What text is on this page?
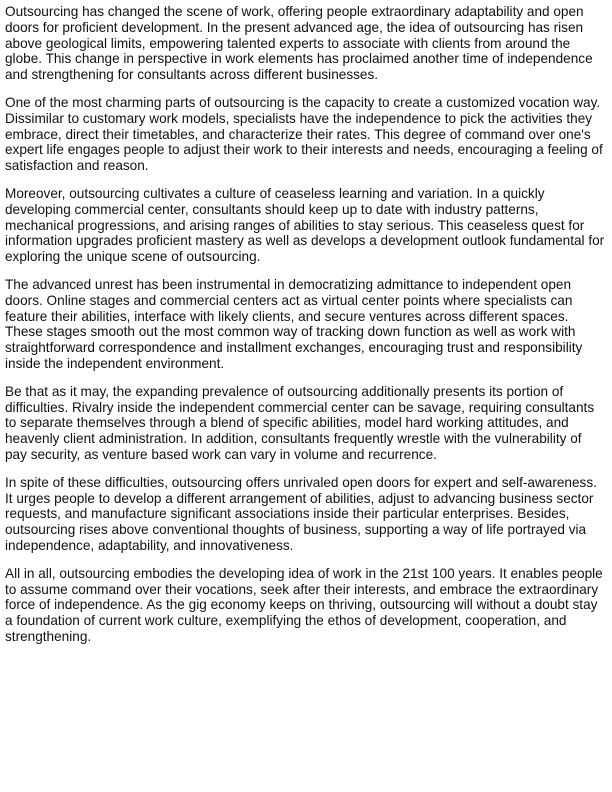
Outsourcing has changed the scene of work, offering people extraordinary adaptability and open doors for proficient development. In the present advanced age, the idea of outsourcing has risen above geological limits, empowering talented experts to associate with clients from around the globe. This change in perspective in work elements has proclaimed another time of independence and strengthening for consultants across different businesses.

One of the most charming parts of outsourcing is the capacity to create a customized vocation way. Dissimilar to customary work models, specialists have the independence to pick the activities they embrace, direct their timetables, and characterize their rates. This degree of command over one's expert life engages people to adjust their work to their interests and needs, encouraging a feeling of satisfaction and reason.

Moreover, outsourcing cultivates a culture of ceaseless learning and variation. In a quickly developing commercial center, consultants should keep up to date with industry patterns, mechanical progressions, and arising ranges of abilities to stay serious. This ceaseless quest for information upgrades proficient mastery as well as develops a development outlook fundamental for exploring the unique scene of outsourcing.

The advanced unrest has been instrumental in democratizing admittance to independent open doors. Online stages and commercial centers act as virtual center points where specialists can feature their abilities, interface with likely clients, and secure ventures across different spaces. These stages smooth out the most common way of tracking down function as well as work with straightforward correspondence and installment exchanges, encouraging trust and responsibility inside the independent environment.

Be that as it may, the expanding prevalence of outsourcing additionally presents its portion of difficulties. Rivalry inside the independent commercial center can be savage, requiring consultants to separate themselves through a blend of specific abilities, model hard working attitudes, and heavenly client administration. In addition, consultants frequently wrestle with the vulnerability of pay security, as venture based work can vary in volume and recurrence.

In spite of these difficulties, outsourcing offers unrivaled open doors for expert and self-awareness. It urges people to develop a different arrangement of abilities, adjust to advancing business sector requests, and manufacture significant associations inside their particular enterprises. Besides, outsourcing rises above conventional thoughts of business, supporting a way of life portrayed via independence, adaptability, and innovativeness.

All in all, outsourcing embodies the developing idea of work in the 21st 100 years. It enables people to assume command over their vocations, seek after their interests, and embrace the extraordinary force of independence. As the gig economy keeps on thriving, outsourcing will without a doubt stay a foundation of current work culture, exemplifying the ethos of development, cooperation, and strengthening.
